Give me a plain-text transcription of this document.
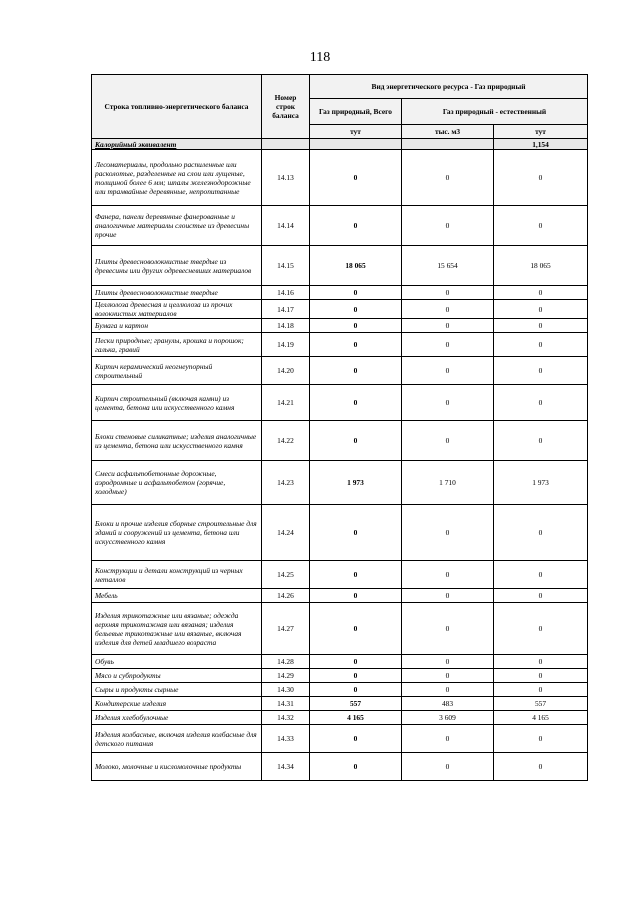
118
Строка топливно-энергетического баланса	Номер строк баланса	Вид энергетического ресурса - Газ природный		
		Газ природный, Всего	Газ природный - естественный	
		тут	тыс. м3	тут
Калорийный эквивалент				1,154
Лесоматериалы, продольно распиленные или расколотые, разделенные на слои или лущеные, толщиной более 6 мм; шпалы железнодорожные или трамвайные деревянные, непропитанные	14.13	0	0	0
Фанера, панели деревянные фанерованные и аналогичные материалы слоистые из древесины прочие	14.14	0	0	0
Плиты древесноволокнистые твердые из древесины или других одревесневших материалов	14.15	18 065	15 654	18 065
Плиты древесноволокнистые твердые	14.16	0	0	0
Целлюлоза древесная и целлюлоза из прочих волокнистых материалов	14.17	0	0	0
Бумага и картон	14.18	0	0	0
Пески природные; гранулы, крошка и порошок; галька, гравий	14.19	0	0	0
Кирпич керамический неогнеупорный строительный	14.20	0	0	0
Кирпич строительный (включая камни) из цемента, бетона или искусственного камня	14.21	0	0	0
Блоки стеновые силикатные; изделия аналогичные из цемента, бетона или искусственного камня	14.22	0	0	0
Смеси асфальтобетонные дорожные, аэродромные и асфальтобетон (горячие, холодные)	14.23	1 973	1 710	1 973
Блоки и прочие изделия сборные строительные для зданий и сооружений из цемента, бетона или искусственного камня	14.24	0	0	0
Конструкции и детали конструкций из черных металлов	14.25	0	0	0
Мебель	14.26	0	0	0
Изделия трикотажные или вязаные; одежда верхняя трикотажная или вязаная; изделия бельевые трикотажные или вязаные, включая изделия для детей младшего возраста	14.27	0	0	0
Обувь	14.28	0	0	0
Мясо и субпродукты	14.29	0	0	0
Сыры и продукты сырные	14.30	0	0	0
Кондитерские изделия	14.31	557	483	557
Изделия хлебобулочные	14.32	4 165	3 609	4 165
Изделия колбасные, включая изделия колбасные для детского питания	14.33	0	0	0
Молоко, молочные и кисломолочные продукты	14.34	0	0	0
